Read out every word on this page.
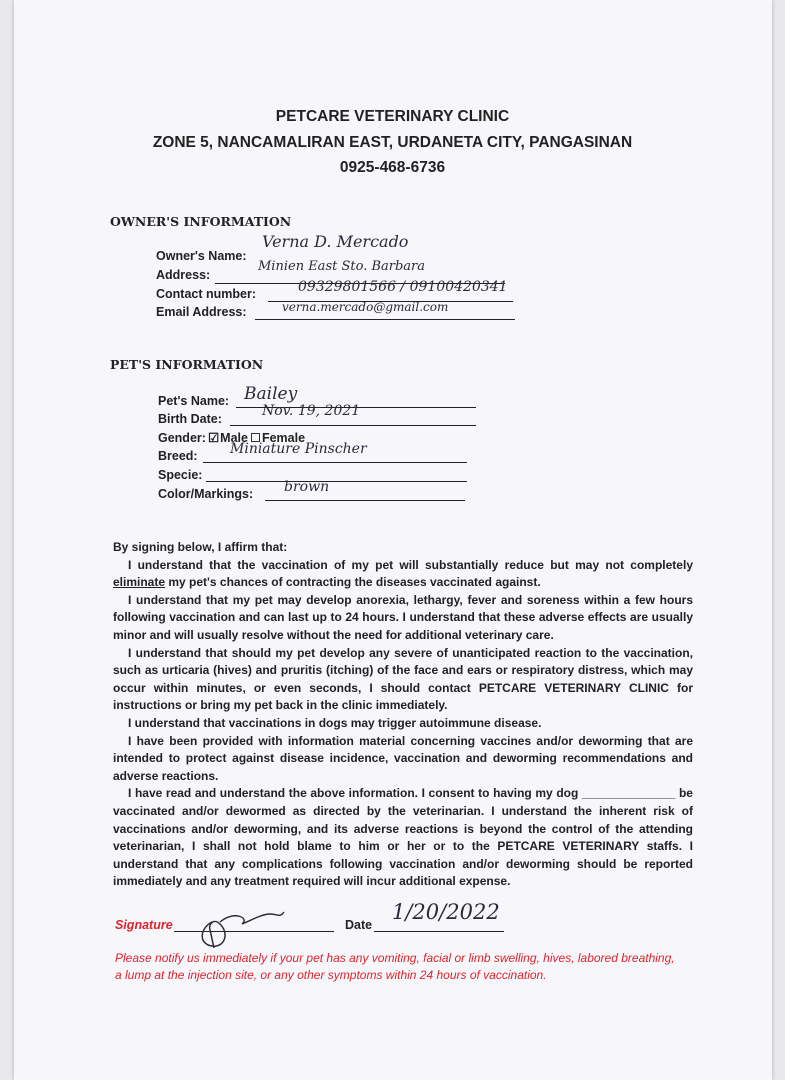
PETCARE VETERINARY CLINIC
ZONE 5, NANCAMALIRAN EAST, URDANETA CITY, PANGASINAN
0925-468-6736
OWNER'S INFORMATION
Owner's Name:
Verna D. Mercado
Address:
Minien East Sto. Barbara
Contact number:	09329801566 / 09100420341
Email Address:	verna.mercado@gmail.com
PET'S INFORMATION
Pet's Name: Bailey
Birth Date:	Nov. 19, 2021
Gender: ☑Male Female
Breed: Miniature Pinscher
Specie:
Color/Markings: brown

By signing below, I affirm that:

I understand that the vaccination of my pet will substantially reduce but may not completely eliminate my pet's chances of contracting the diseases vaccinated against.

I understand that my pet may develop anorexia, lethargy, fever and soreness within a few hours following vaccination and can last up to 24 hours. I understand that these adverse effects are usually minor and will usually resolve without the need for additional veterinary care.

I understand that should my pet develop any severe of unanticipated reaction to the vaccination, such as urticaria (hives) and pruritis (itching) of the face and ears or respiratory distress, which may occur within minutes, or even seconds, I should contact PETCARE VETERINARY CLINIC for instructions or bring my pet back in the clinic immediately.

I understand that vaccinations in dogs may trigger autoimmune disease.

I have been provided with information material concerning vaccines and/or deworming that are intended to protect against disease incidence, vaccination and deworming recommendations and adverse reactions.

I have read and understand the above information. I consent to having my dog ______________ be vaccinated and/or dewormed as directed by the veterinarian. I understand the inherent risk of vaccinations and/or deworming, and its adverse reactions is beyond the control of the attending veterinarian, I shall not hold blame to him or her or to the PETCARE VETERINARY staffs. I understand that any complications following vaccination and/or deworming should be reported immediately and any treatment required will incur additional expense.

Signature	Date
1/20/2022
Please notify us immediately if your pet has any vomiting, facial or limb swelling, hives, labored breathing, a lump at the injection site, or any other symptoms within 24 hours of vaccination.
